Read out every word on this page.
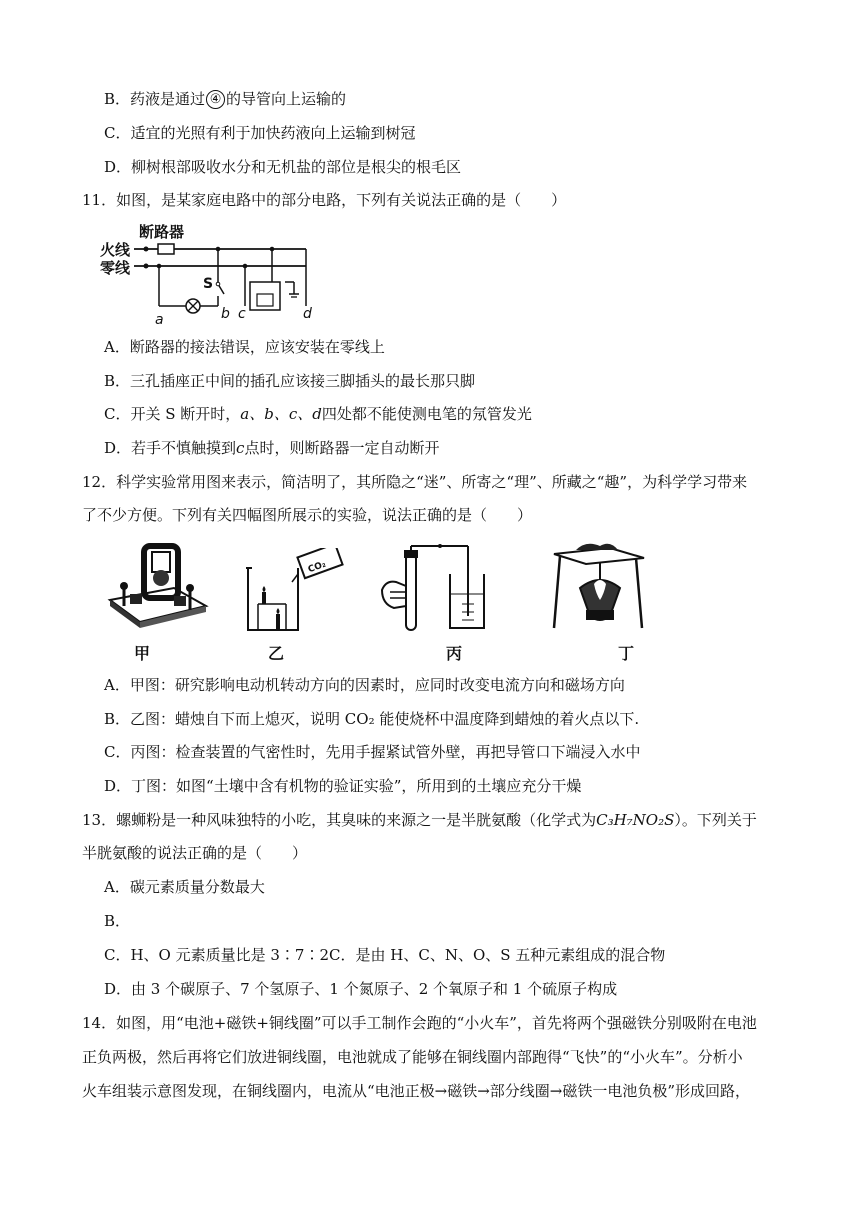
B．药液是通过 ④ 的导管向上运输的
C．适宜的光照有利于加快药液向上运输到树冠
D．柳树根部吸收水分和无机盐的部位是根尖的根毛区
11．如图，是某家庭电路中的部分电路，下列有关说法正确的是（　　）
断路器
火线
零线
S
a	b c	d
A．断路器的接法错误，应该安装在零线上
B．三孔插座正中间的插孔应该接三脚插头的最长那只脚
C．开关 S 断开时，a、b、c、d四处都不能使测电笔的氖管发光
D．若手不慎触摸到c点时，则断路器一定自动断开
12．科学实验常用图来表示，简洁明了，其所隐之“迷”、所寄之“理”、所藏之“趣”，为科学学习带来
了不少方便。下列有关四幅图所展示的实验，说法正确的是（　　）
CO₂
甲	乙	丙	丁
A．甲图：研究影响电动机转动方向的因素时，应同时改变电流方向和磁场方向
B．乙图：蜡烛自下而上熄灭，说明 CO₂ 能使烧杯中温度降到蜡烛的着火点以下.
C．丙图：检查装置的气密性时，先用手握紧试管外壁，再把导管口下端浸入水中
D．丁图：如图“土壤中含有机物的验证实验”，所用到的土壤应充分干燥
13．螺蛳粉是一种风味独特的小吃，其臭味的来源之一是半胱氨酸（化学式为C₃H₇NO₂S）。下列关于
半胱氨酸的说法正确的是（　　）
A．碳元素质量分数最大
B．
C．H、O 元素质量比是 3∶7∶2C．是由 H、C、N、O、S 五种元素组成的混合物
D．由 3 个碳原子、7 个氢原子、1 个氮原子、2 个氧原子和 1 个硫原子构成
14．如图，用“电池+磁铁+铜线圈”可以手工制作会跑的“小火车”，首先将两个强磁铁分别吸附在电池
正负两极，然后再将它们放进铜线圈，电池就成了能够在铜线圈内部跑得“飞快”的“小火车”。分析小
火车组装示意图发现，在铜线圈内，电流从“电池正极→磁铁→部分线圈→磁铁一电池负极”形成回路，
